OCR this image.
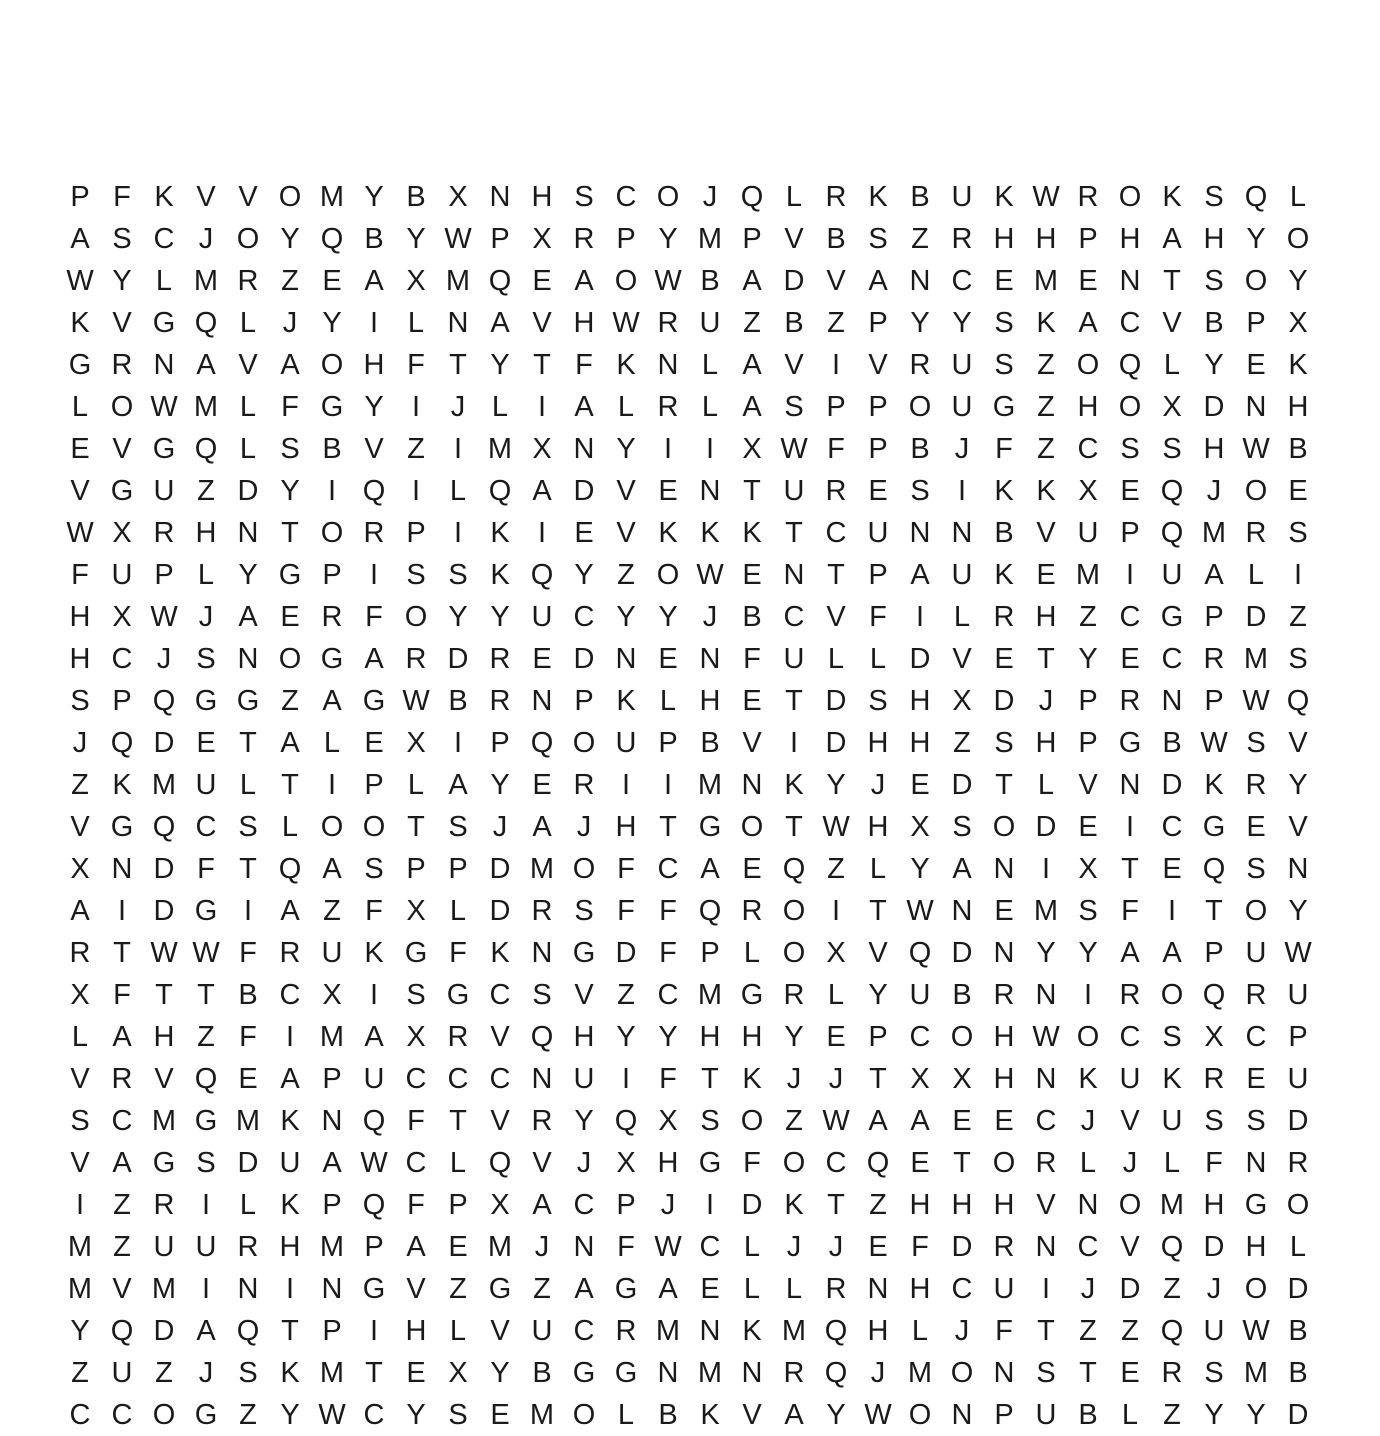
P F K V V O M Y B X N H S C O J Q L R K B U K W R O K S Q L
A S C J O Y Q B Y W P X R P Y M P V B S Z R H H P H A H Y O
W Y L M R Z E A X M Q E A O W B A D V A N C E M E N T S O Y
K V G Q L J Y I	L N A V H W R U Z B Z P Y Y S K A C V B P X
G R N A V A O H F T Y T F K N L A V I V R U S Z O Q L Y E K
L O W M L F G Y I	J L	I A L R L A S P P O U G Z H O X D N H
E V G Q L S B V Z	I M X N Y I	I X W F P B J F Z C S S H W B
V G U Z D Y I Q I	L Q A D V E N T U R E S I K K X E Q J O E
W X R H N T O R P I K I E V K K K T C U N N B V U P Q M R S
F U P L Y G P I S S K Q Y Z O W E N T P A U K E M I U A L	I
H X W J A E R F O Y Y U C Y Y J B C V F	I	L R H Z C G P D Z
H C J S N O G A R D R E D N E N F U L L D V E T Y E C R M S
S P Q G G Z A G W B R N P K L H E T D S H X D J P R N P W Q
J Q D E T A L E X I P Q O U P B V I D H H Z S H P G B W S V
Z K M U L T	I P L A Y E R I	I M N K Y J E D T L V N D K R Y
V G Q C S L O O T S J A J H T G O T W H X S O D E I C G E V
X N D F T Q A S P P D M O F C A E Q Z L Y A N I X T E Q S N
A I D G I A Z F X L D R S F F Q R O I	T W N E M S F	I	T O Y
R T W W F R U K G F K N G D F P L O X V Q D N Y Y A A P U W
X F T T B C X I S G C S V Z C M G R L Y U B R N I R O Q R U
L A H Z F	I M A X R V Q H Y Y H H Y E P C O H W O C S X C P
V R V Q E A P U C C C N U I	F T K J J T X X H N K U K R E U
S C M G M K N Q F T V R Y Q X S O Z W A A E E C J V U S S D
V A G S D U A W C L Q V J X H G F O C Q E T O R L J L F N R
I	Z R I	L K P Q F P X A C P J	I D K T Z H H H V N O M H G O
M Z U U R H M P A E M J N F W C L J J E F D R N C V Q D H L
M V M I N I N G V Z G Z A G A E L L R N H C U I	J D Z J O D
Y Q D A Q T P I H L V U C R M N K M Q H L J F T Z Z Q U W B
Z U Z J S K M T E X Y B G G N M N R Q J M O N S T E R S M B
C C O G Z Y W C Y S E M O L B K V A Y W O N P U B L Z Y Y D
